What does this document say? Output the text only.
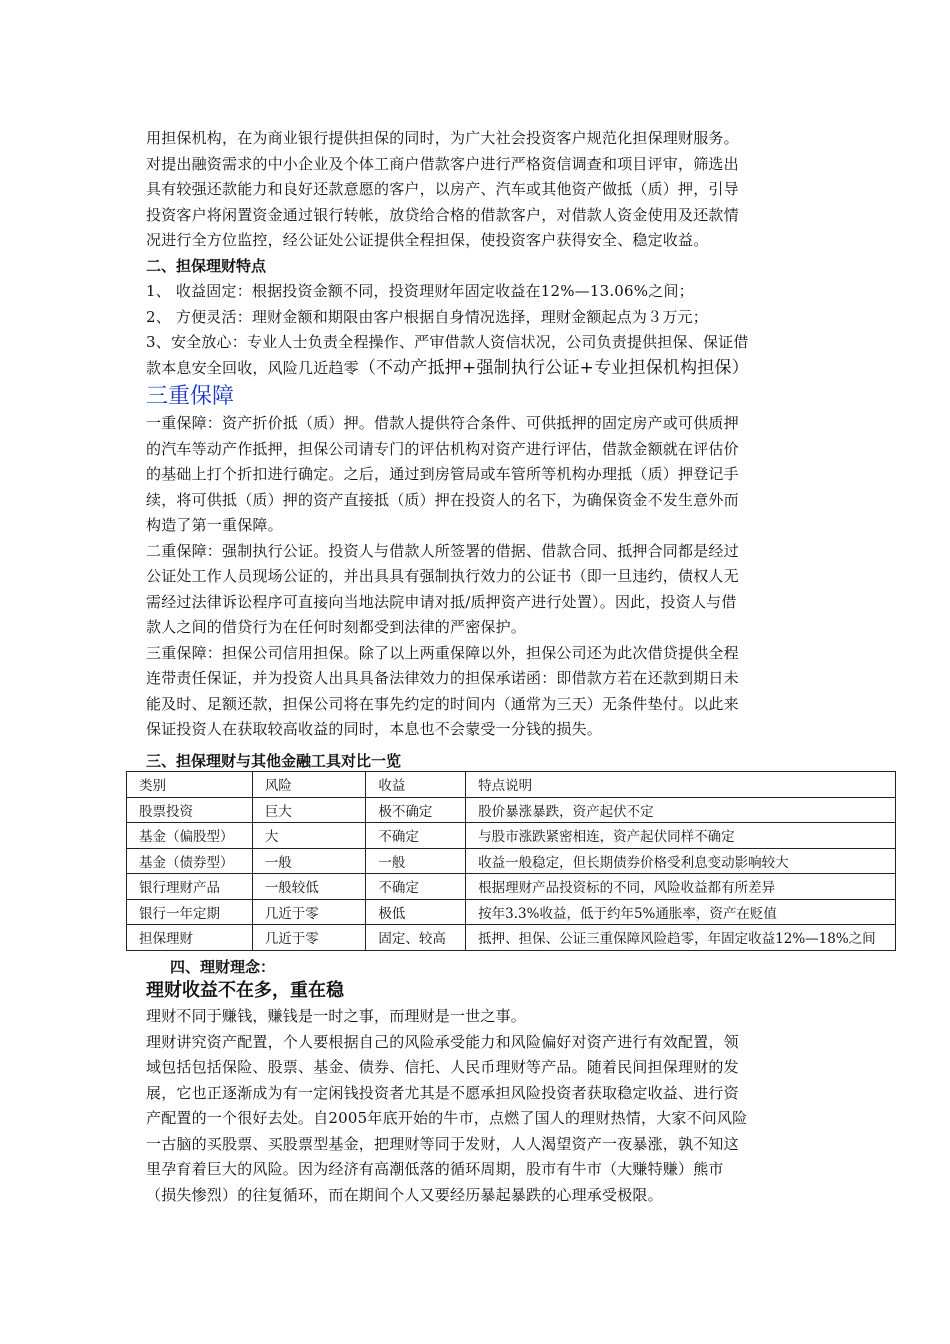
用担保机构，在为商业银行提供担保的同时，为广大社会投资客户规范化担保理财服务。

对提出融资需求的中小企业及个体工商户借款客户进行严格资信调查和项目评审，筛选出

具有较强还款能力和良好还款意愿的客户，以房产、汽车或其他资产做抵（质）押，引导

投资客户将闲置资金通过银行转帐，放贷给合格的借款客户，对借款人资金使用及还款情

况进行全方位监控，经公证处公证提供全程担保，使投资客户获得安全、稳定收益。

二、担保理财特点

1、 收益固定：根据投资金额不同，投资理财年固定收益在12%—13.06%之间；

2、 方便灵活：理财金额和期限由客户根据自身情况选择，理财金额起点为３万元；

3、安全放心：专业人士负责全程操作、严审借款人资信状况，公司负责提供担保、保证借

款本息安全回收，风险几近趋零（不动产抵押+强制执行公证+专业担保机构担保）

三重保障

一重保障：资产折价抵（质）押。借款人提供符合条件、可供抵押的固定房产或可供质押

的汽车等动产作抵押，担保公司请专门的评估机构对资产进行评估，借款金额就在评估价

的基础上打个折扣进行确定。之后，通过到房管局或车管所等机构办理抵（质）押登记手

续，将可供抵（质）押的资产直接抵（质）押在投资人的名下，为确保资金不发生意外而

构造了第一重保障。

二重保障：强制执行公证。投资人与借款人所签署的借据、借款合同、抵押合同都是经过

公证处工作人员现场公证的，并出具具有强制执行效力的公证书（即一旦违约，债权人无

需经过法律诉讼程序可直接向当地法院申请对抵/质押资产进行处置）。因此，投资人与借

款人之间的借贷行为在任何时刻都受到法律的严密保护。

三重保障：担保公司信用担保。除了以上两重保障以外，担保公司还为此次借贷提供全程

连带责任保证，并为投资人出具具备法律效力的担保承诺函：即借款方若在还款到期日未

能及时、足额还款，担保公司将在事先约定的时间内（通常为三天）无条件垫付。以此来

保证投资人在获取较高收益的同时，本息也不会蒙受一分钱的损失。

三、担保理财与其他金融工具对比一览

类别	风险	收益	特点说明
股票投资	巨大	极不确定	股价暴涨暴跌，资产起伏不定
基金（偏股型）	大	不确定	与股市涨跌紧密相连，资产起伏同样不确定
基金（债券型）	一般	一般	收益一般稳定，但长期债券价格受利息变动影响较大
银行理财产品	一般较低	不确定	根据理财产品投资标的不同，风险收益都有所差异
银行一年定期	几近于零	极低	按年3.3%收益，低于约年5%通胀率，资产在贬值
担保理财	几近于零	固定、较高	抵押、担保、公证三重保障风险趋零，年固定收益12%—18%之间

四、理财理念：

理财收益不在多，重在稳

理财不同于赚钱，赚钱是一时之事，而理财是一世之事。

理财讲究资产配置，个人要根据自己的风险承受能力和风险偏好对资产进行有效配置，领

域包括包括保险、股票、基金、债券、信托、人民币理财等产品。随着民间担保理财的发

展，它也正逐渐成为有一定闲钱投资者尤其是不愿承担风险投资者获取稳定收益、进行资

产配置的一个很好去处。自2005年底开始的牛市，点燃了国人的理财热情，大家不问风险

一古脑的买股票、买股票型基金，把理财等同于发财，人人渴望资产一夜暴涨，孰不知这

里孕育着巨大的风险。因为经济有高潮低落的循环周期，股市有牛市（大赚特赚）熊市

（损失惨烈）的往复循环，而在期间个人又要经历暴起暴跌的心理承受极限。
